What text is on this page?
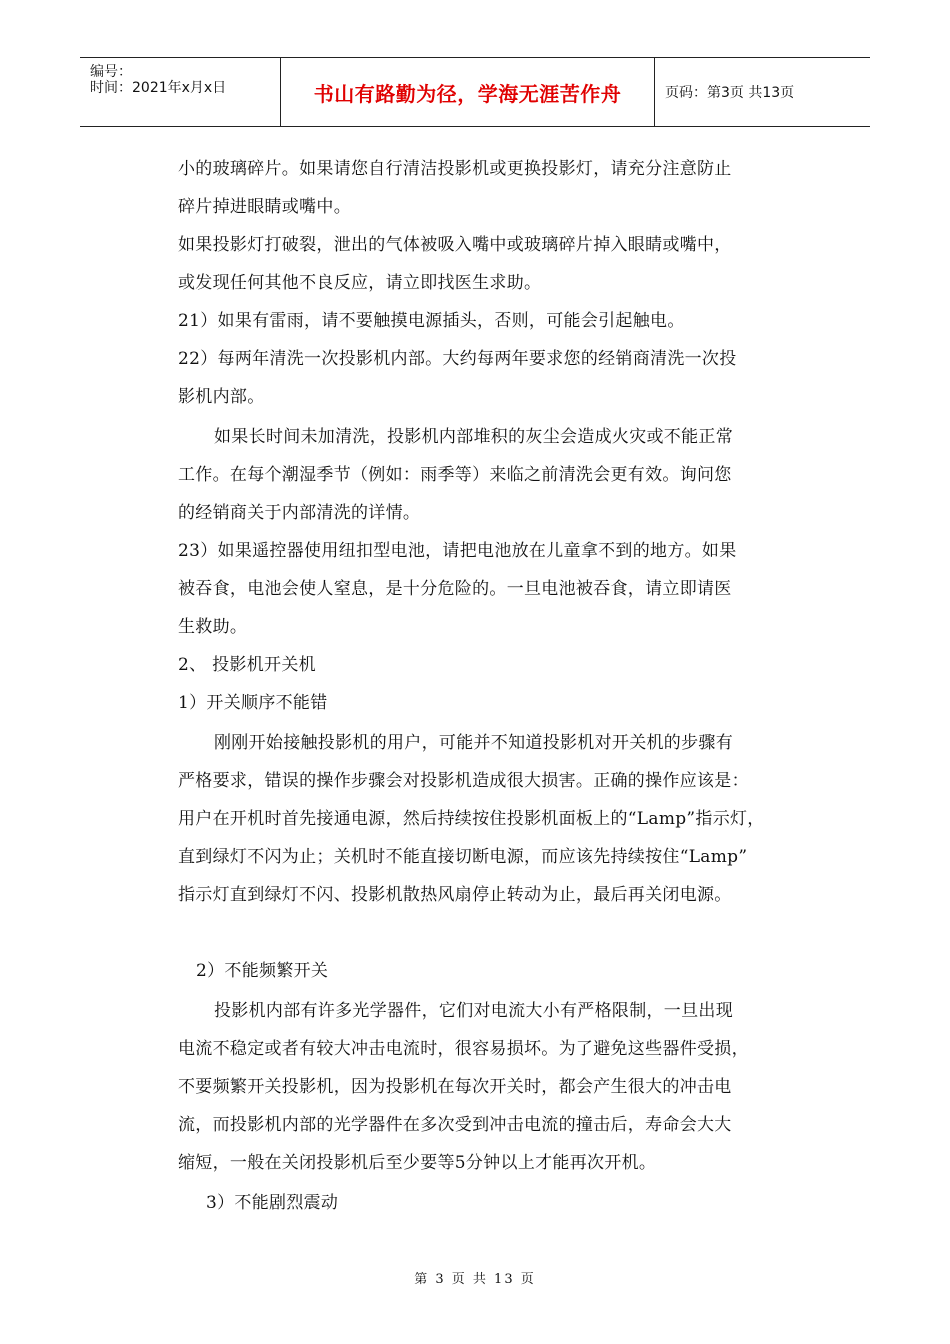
编号：
时间：2021年x月x日	书山有路勤为径，学海无涯苦作舟	页码：第3页 共13页
小的玻璃碎片。如果请您自行清洁投影机或更换投影灯，请充分注意防止
碎片掉进眼睛或嘴中。
如果投影灯打破裂，泄出的气体被吸入嘴中或玻璃碎片掉入眼睛或嘴中，
或发现任何其他不良反应，请立即找医生求助。
21）如果有雷雨，请不要触摸电源插头，否则，可能会引起触电。
22）每两年清洗一次投影机内部。大约每两年要求您的经销商清洗一次投
影机内部。
如果长时间未加清洗，投影机内部堆积的灰尘会造成火灾或不能正常
工作。在每个潮湿季节（例如：雨季等）来临之前清洗会更有效。询问您
的经销商关于内部清洗的详情。
23）如果遥控器使用纽扣型电池，请把电池放在儿童拿不到的地方。如果
被吞食，电池会使人窒息，是十分危险的。一旦电池被吞食，请立即请医
生救助。
2、 投影机开关机
1）开关顺序不能错
刚刚开始接触投影机的用户，可能并不知道投影机对开关机的步骤有
严格要求，错误的操作步骤会对投影机造成很大损害。正确的操作应该是：
用户在开机时首先接通电源，然后持续按住投影机面板上的“Lamp”指示灯，
直到绿灯不闪为止；关机时不能直接切断电源，而应该先持续按住“Lamp”
指示灯直到绿灯不闪、投影机散热风扇停止转动为止，最后再关闭电源。
2）不能频繁开关
投影机内部有许多光学器件，它们对电流大小有严格限制，一旦出现
电流不稳定或者有较大冲击电流时，很容易损坏。为了避免这些器件受损，
不要频繁开关投影机，因为投影机在每次开关时，都会产生很大的冲击电
流，而投影机内部的光学器件在多次受到冲击电流的撞击后，寿命会大大
缩短，一般在关闭投影机后至少要等5分钟以上才能再次开机。
3）不能剧烈震动
第 3 页 共 13 页
